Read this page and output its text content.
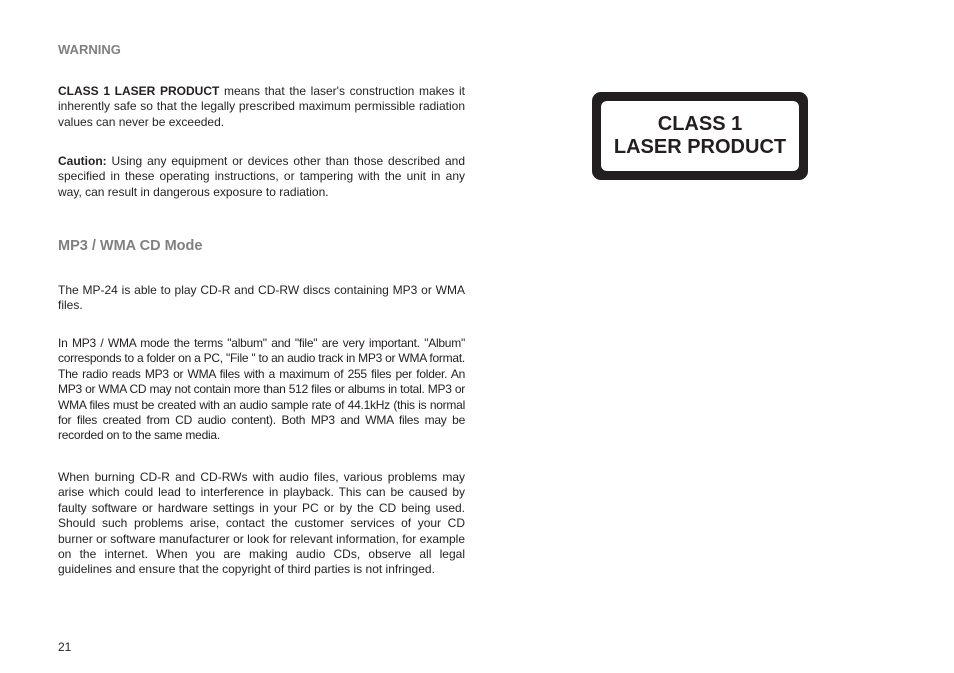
WARNING

CLASS 1 LASER PRODUCT means that the laser's construction makes it inherently safe so that the legally prescribed maximum permissible radiation values can never be exceeded.

Caution: Using any equipment or devices other than those described and specified in these operating instructions, or tampering with the unit in any way, can result in dangerous exposure to radiation.

MP3 / WMA CD Mode

The MP-24 is able to play CD-R and CD-RW discs containing MP3 or WMA files.

In MP3 / WMA mode the terms "album" and "file" are very important. "Album" corresponds to a folder on a PC, "File " to an audio track in MP3 or WMA format. The radio reads MP3 or WMA files with a maximum of 255 files per folder. An MP3 or WMA CD may not contain more than 512 files or albums in total. MP3 or WMA files must be created with an audio sample rate of 44.1kHz (this is normal for files created from CD audio content). Both MP3 and WMA files may be recorded on to the same media.

When burning CD-R and CD-RWs with audio files, various problems may arise which could lead to interference in playback. This can be caused by faulty software or hardware settings in your PC or by the CD being used. Should such problems arise, contact the customer services of your CD burner or software manufacturer or look for relevant information, for example on the internet. When you are making audio CDs, observe all legal guidelines and ensure that the copyright of third parties is not infringed.

21

CLASS 1
LASER PRODUCT
